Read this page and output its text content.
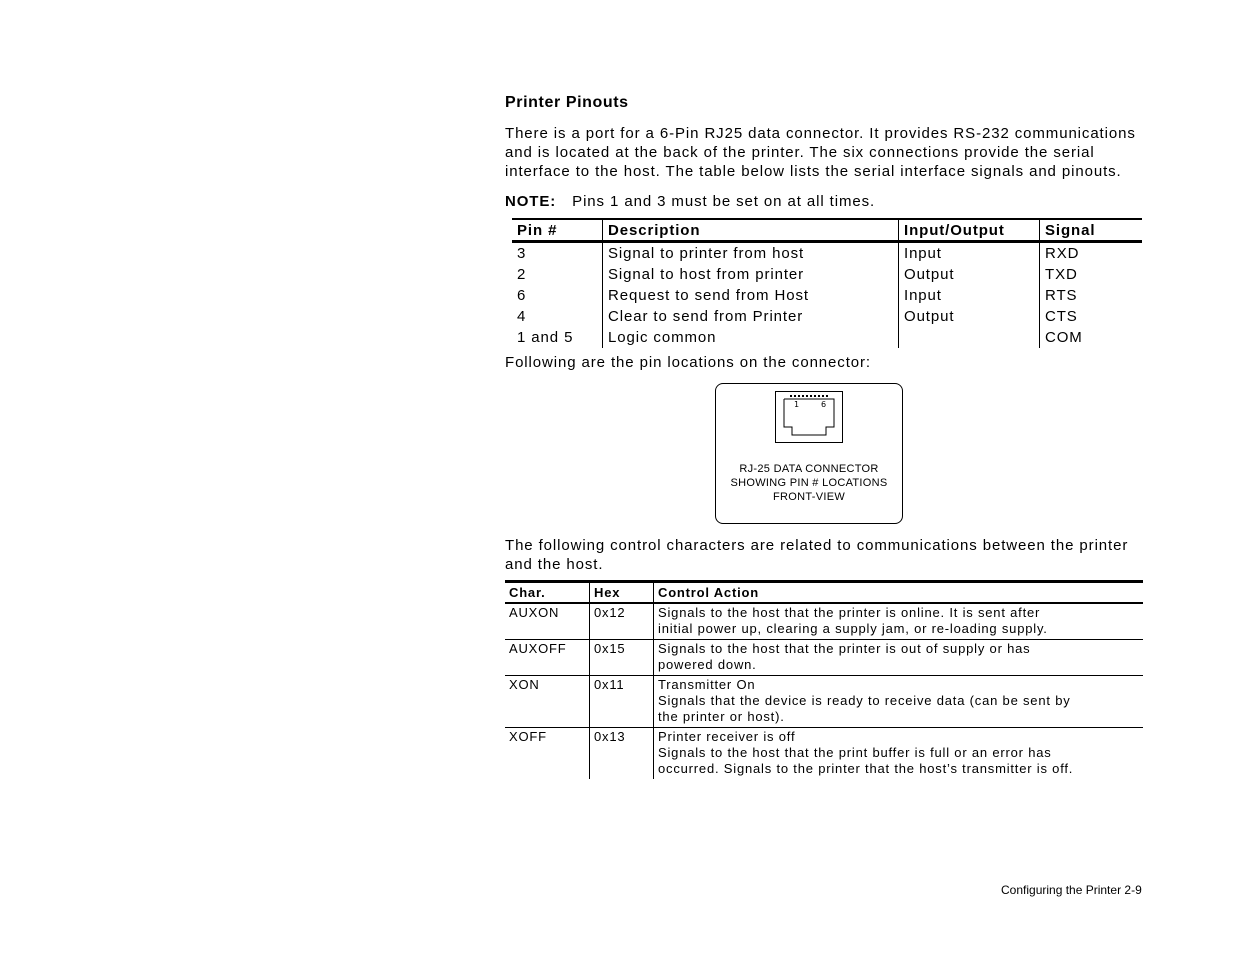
Printer Pinouts

There is a port for a 6-Pin RJ25 data connector. It provides RS-232 communications and is located at the back of the printer. The six connections provide the serial interface to the host. The table below lists the serial interface signals and pinouts.

NOTE: Pins 1 and 3 must be set on at all times.
Pin #	Description	Input/Output	Signal
3	Signal to printer from host	Input	RXD
2	Signal to host from printer	Output	TXD
6	Request to send from Host	Input	RTS
4	Clear to send from Printer	Output	CTS
1 and 5	Logic common		COM
Following are the pin locations on the connector:
1	6
RJ-25 DATA CONNECTOR
SHOWING PIN # LOCATIONS
FRONT-VIEW

The following control characters are related to communications between the printer and the host.

Char.	Hex	Control Action
AUXON	0x12	Signals to the host that the printer is online. It is sent after
initial power up, clearing a supply jam, or re-loading supply.

AUXOFF	0x15	Signals to the host that the printer is out of supply or has
powered down.

XON	0x11	Transmitter On
Signals that the device is ready to receive data (can be sent by
the printer or host).

XOFF	0x13	Printer receiver is off
Signals to the host that the print buffer is full or an error has
occurred. Signals to the printer that the host’s transmitter is off.
Configuring the Printer 2-9
